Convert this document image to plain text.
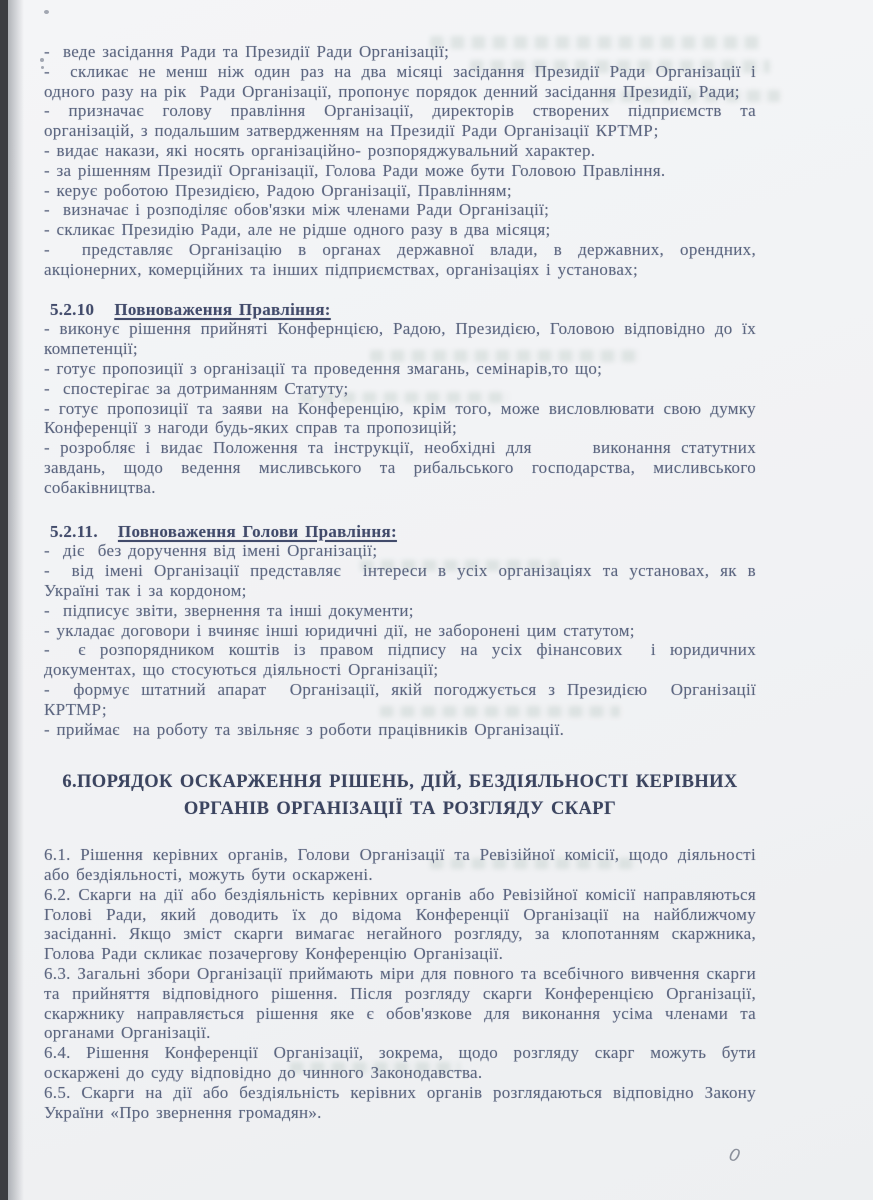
-  веде засідання Ради та Президії Ради Організації;

-  скликає не менш ніж один раз на два місяці засідання Президії Ради Організації і одного разу на рік  Ради Організації, пропонує порядок денний засідання Президії, Ради;

- призначає голову правління Організації, директорів створених підприємств та організацій, з подальшим затвердженням на Президії Ради Організації КРТМР;

- видає накази, які носять організаційно- розпоряджувальний характер.

- за рішенням Президії Організації, Голова Ради може бути Головою Правління.

- керує роботою Президією, Радою Організації, Правлінням;

-  визначає і розподіляє обов'язки між членами Ради Організації;

- скликає Президію Ради, але не рідше одного разу в два місяця;

-  представляє Організацію в органах державної влади, в державних, орендних, акціонерних, комерційних та інших підприємствах, організаціях і установах;

5.2.10 Повноваження Правління:

- виконує рішення прийняті Конфернцією, Радою, Президією, Головою відповідно до їх компетенції;

- готує пропозиції з організації та проведення змагань, семінарів,то що;

-  спостерігає за дотриманням Статуту;

- готує пропозиції та заяви на Конференцію, крім того, може висловлювати свою думку Конференції з нагоди будь-яких справ та пропозицій;

- розробляє і видає Положення та інструкції, необхідні для      виконання статутних завдань, щодо ведення мисливського та рибальського господарства, мисливського собаківництва.

5.2.11. Повноваження Голови Правління:

-  діє  без доручення від імені Організації;

-  від імені Організації представляє  інтереси в усіх організаціях та установах, як в Україні так і за кордоном;

-  підписує звіти, звернення та інші документи;

- укладає договори і вчиняє інші юридичні дії, не заборонені цим статутом;

-  є розпорядником коштів із правом підпису на усіх фінансових  і юридичних документах, що стосуються діяльності Організації;

-  формує штатний апарат  Організації, якій погоджується з Президією  Організації КРТМР;

- приймає  на роботу та звільняє з роботи працівників Організації.

6.ПОРЯДОК ОСКАРЖЕННЯ РІШЕНЬ, ДІЙ, БЕЗДІЯЛЬНОСТІ КЕРІВНИХ
ОРГАНІВ ОРГАНІЗАЦІЇ ТА РОЗГЛЯДУ СКАРГ

6.1. Рішення керівних органів, Голови Організації та Ревізійної комісії, щодо діяльності або бездіяльності, можуть бути оскаржені.

6.2. Скарги на дії або бездіяльність керівних органів або Ревізійної комісії направляються Голові Ради, який доводить їх до відома Конференції Організації на найближчому засіданні. Якщо зміст скарги вимагає негайного розгляду, за клопотанням скаржника, Голова Ради скликає позачергову Конференцію Організації.

6.3. Загальні збори Організації приймають міри для повного та всебічного вивчення скарги та прийняття відповідного рішення. Після розгляду скарги Конференцією Організації, скаржнику направляється рішення яке є обов'язкове для виконання усіма членами та органами Організації.

6.4. Рішення Конференції Організації, зокрема, щодо розгляду скарг можуть бути оскаржені до суду відповідно до чинного Законодавства.

6.5. Скарги на дії або бездіяльність керівних органів розглядаються відповідно Закону України «Про звернення громадян».

0
